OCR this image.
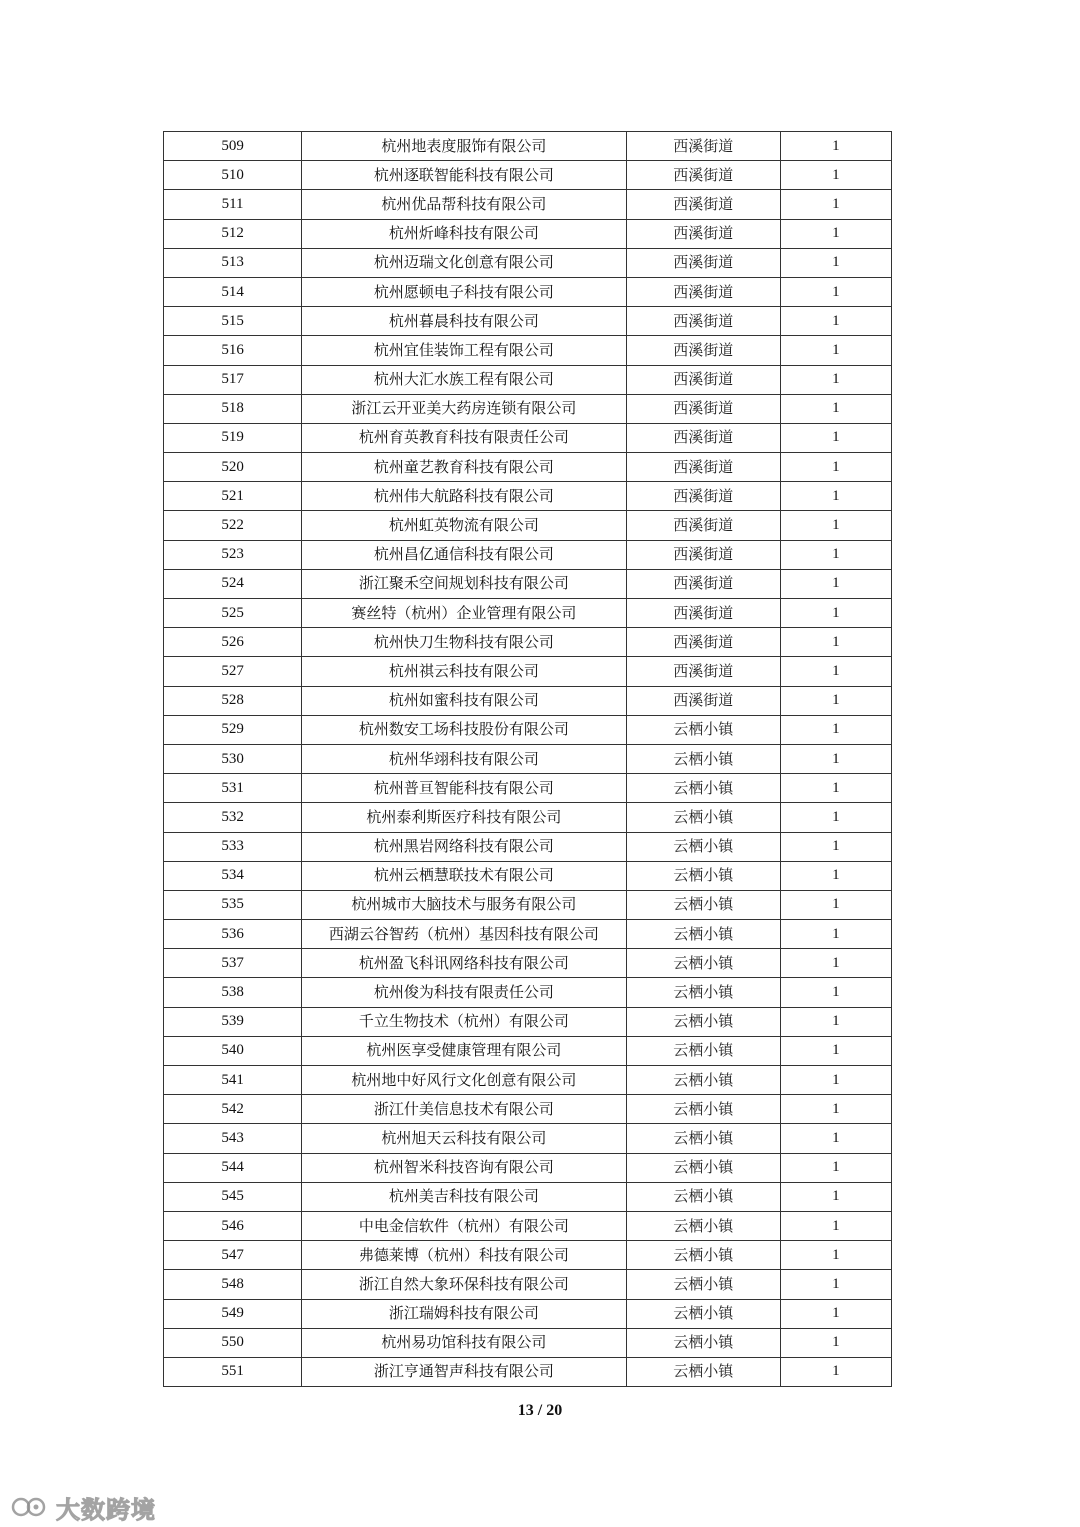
509	杭州地表度服饰有限公司	西溪街道	1
510	杭州逐联智能科技有限公司	西溪街道	1
511	杭州优品帮科技有限公司	西溪街道	1
512	杭州炘峰科技有限公司	西溪街道	1
513	杭州迈瑞文化创意有限公司	西溪街道	1
514	杭州愿顿电子科技有限公司	西溪街道	1
515	杭州暮晨科技有限公司	西溪街道	1
516	杭州宜佳装饰工程有限公司	西溪街道	1
517	杭州大汇水族工程有限公司	西溪街道	1
518	浙江云开亚美大药房连锁有限公司	西溪街道	1
519	杭州育英教育科技有限责任公司	西溪街道	1
520	杭州童艺教育科技有限公司	西溪街道	1
521	杭州伟大航路科技有限公司	西溪街道	1
522	杭州虹英物流有限公司	西溪街道	1
523	杭州昌亿通信科技有限公司	西溪街道	1
524	浙江聚禾空间规划科技有限公司	西溪街道	1
525	赛丝特（杭州）企业管理有限公司	西溪街道	1
526	杭州快刀生物科技有限公司	西溪街道	1
527	杭州祺云科技有限公司	西溪街道	1
528	杭州如蜜科技有限公司	西溪街道	1
529	杭州数安工场科技股份有限公司	云栖小镇	1
530	杭州华翊科技有限公司	云栖小镇	1
531	杭州普亘智能科技有限公司	云栖小镇	1
532	杭州泰利斯医疗科技有限公司	云栖小镇	1
533	杭州黑岩网络科技有限公司	云栖小镇	1
534	杭州云栖慧联技术有限公司	云栖小镇	1
535	杭州城市大脑技术与服务有限公司	云栖小镇	1
536	西湖云谷智药（杭州）基因科技有限公司	云栖小镇	1
537	杭州盈飞科讯网络科技有限公司	云栖小镇	1
538	杭州俊为科技有限责任公司	云栖小镇	1
539	千立生物技术（杭州）有限公司	云栖小镇	1
540	杭州医享受健康管理有限公司	云栖小镇	1
541	杭州地中好风行文化创意有限公司	云栖小镇	1
542	浙江什美信息技术有限公司	云栖小镇	1
543	杭州旭天云科技有限公司	云栖小镇	1
544	杭州智米科技咨询有限公司	云栖小镇	1
545	杭州美吉科技有限公司	云栖小镇	1
546	中电金信软件（杭州）有限公司	云栖小镇	1
547	弗德莱博（杭州）科技有限公司	云栖小镇	1
548	浙江自然大象环保科技有限公司	云栖小镇	1
549	浙江瑞姆科技有限公司	云栖小镇	1
550	杭州易功馆科技有限公司	云栖小镇	1
551	浙江亨通智声科技有限公司	云栖小镇	1
13 / 20
大数跨境
